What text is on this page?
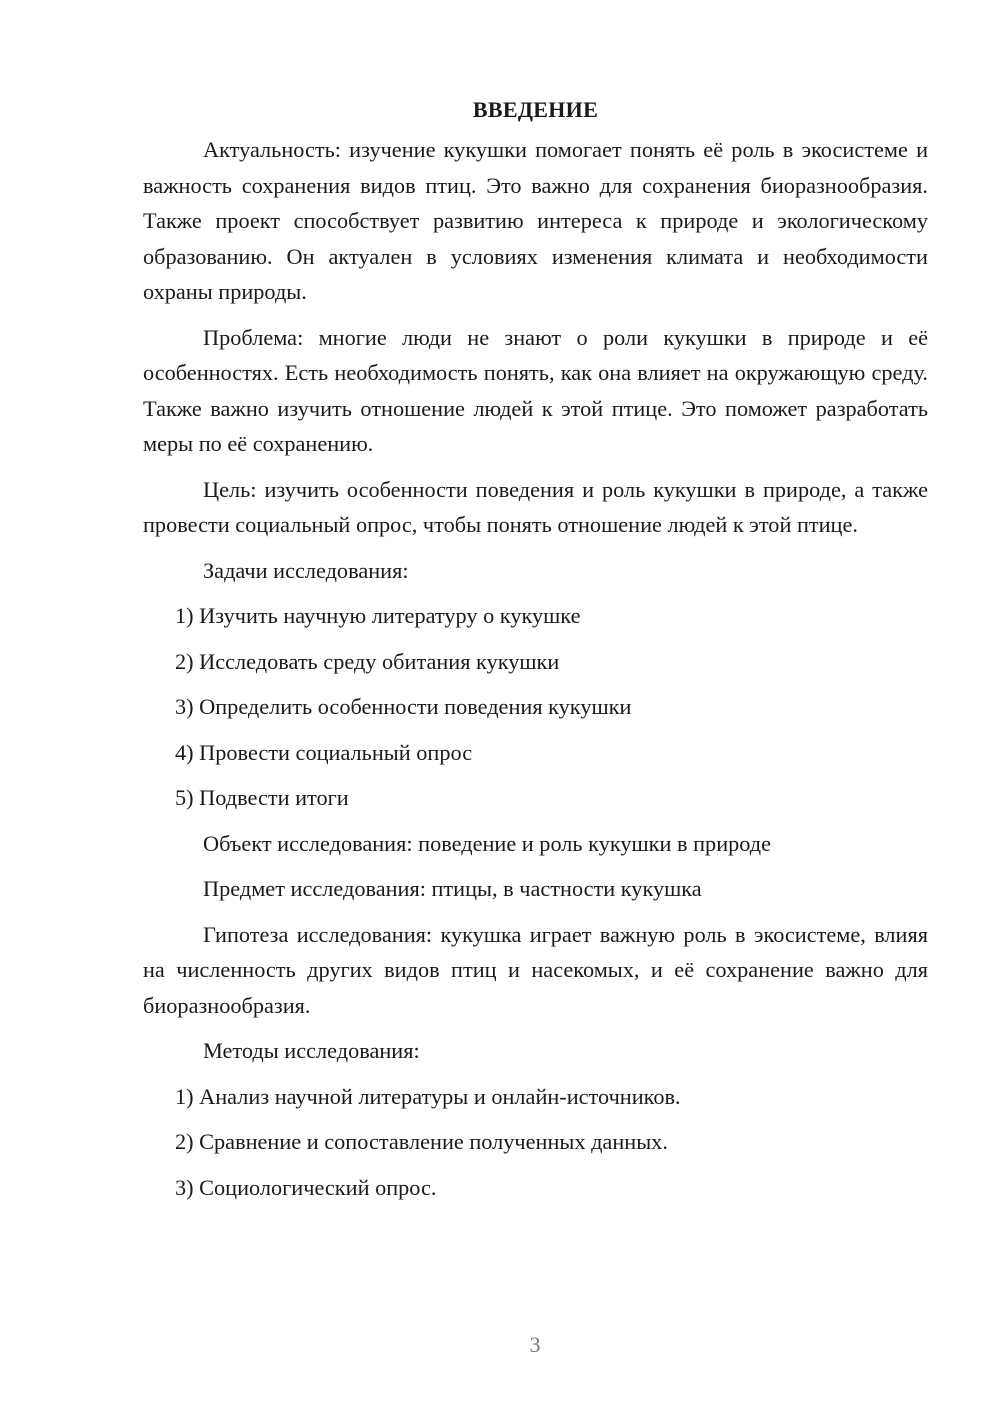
ВВЕДЕНИЕ

Актуальность: изучение кукушки помогает понять её роль в экосистеме и важность сохранения видов птиц. Это важно для сохранения биоразнообразия. Также проект способствует развитию интереса к природе и экологическому образованию. Он актуален в условиях изменения климата и необходимости охраны природы.

Проблема: многие люди не знают о роли кукушки в природе и её особенностях. Есть необходимость понять, как она влияет на окружающую среду. Также важно изучить отношение людей к этой птице. Это поможет разработать меры по её сохранению.

Цель: изучить особенности поведения и роль кукушки в природе, а также провести социальный опрос, чтобы понять отношение людей к этой птице.

Задачи исследования:
1) Изучить научную литературу о кукушке
2) Исследовать среду обитания кукушки
3) Определить особенности поведения кукушки
4) Провести социальный опрос
5) Подвести итоги
Объект исследования: поведение и роль кукушки в природе
Предмет исследования: птицы, в частности кукушка

Гипотеза исследования: кукушка играет важную роль в экосистеме, влияя на численность других видов птиц и насекомых, и её сохранение важно для биоразнообразия.

Методы исследования:
1) Анализ научной литературы и онлайн-источников.
2) Сравнение и сопоставление полученных данных.
3) Социологический опрос.
3
